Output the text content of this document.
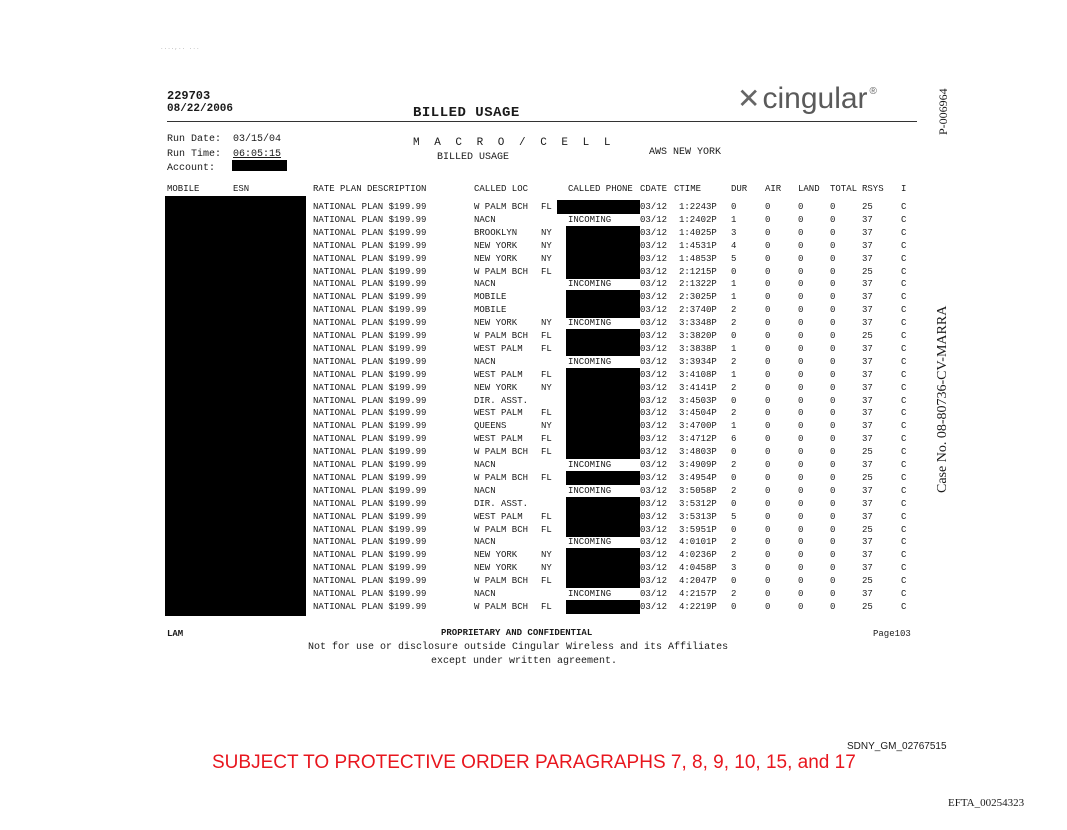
....,.. ...
229703
08/22/2006	BILLED USAGE	✕ cingular ®
Run Date: 03/15/04
Run Time: 06:05:15
Account:
M A C R O / C E L L
BILLED USAGE	AWS NEW YORK
MOBILE	ESN	RATE PLAN DESCRIPTION	CALLED LOC	CALLED PHONE CDATE CTIME	DUR AIR LAND TOTAL RSYS I
NATIONAL PLAN $199.99	W PALM BCH FL	03/12 1:2243P 0	0	0	0	25	C
NATIONAL PLAN $199.99	NACN	INCOMING	03/12 1:2402P 1	0	0	0	37	C
NATIONAL PLAN $199.99	BROOKLYN	NY	03/12 1:4025P 3	0	0	0	37	C
NATIONAL PLAN $199.99	NEW YORK	NY	03/12 1:4531P 4	0	0	0	37	C
NATIONAL PLAN $199.99	NEW YORK	NY	03/12 1:4853P 5	0	0	0	37	C
NATIONAL PLAN $199.99	W PALM BCH FL	03/12 2:1215P 0	0	0	0	25	C
NATIONAL PLAN $199.99	NACN	INCOMING	03/12 2:1322P 1	0	0	0	37	C
NATIONAL PLAN $199.99	MOBILE	03/12 2:3025P 1	0	0	0	37	C
NATIONAL PLAN $199.99	MOBILE	03/12 2:3740P 2	0	0	0	37	C
NATIONAL PLAN $199.99	NEW YORK	NY INCOMING	03/12 3:3348P 2	0	0	0	37	C
NATIONAL PLAN $199.99	W PALM BCH FL	03/12 3:3820P 0	0	0	0	25	C
NATIONAL PLAN $199.99	WEST PALM FL	03/12 3:3838P 1	0	0	0	37	C
NATIONAL PLAN $199.99	NACN	INCOMING	03/12 3:3934P 2	0	0	0	37	C
NATIONAL PLAN $199.99	WEST PALM FL	03/12 3:4108P 1	0	0	0	37	C
NATIONAL PLAN $199.99	NEW YORK	NY	03/12 3:4141P 2	0	0	0	37	C
NATIONAL PLAN $199.99	DIR. ASST.	03/12 3:4503P 0	0	0	0	37	C
NATIONAL PLAN $199.99	WEST PALM FL	03/12 3:4504P 2	0	0	0	37	C
NATIONAL PLAN $199.99	QUEENS	NY	03/12 3:4700P 1	0	0	0	37	C
NATIONAL PLAN $199.99	WEST PALM FL	03/12 3:4712P 6	0	0	0	37	C
NATIONAL PLAN $199.99	W PALM BCH FL	03/12 3:4803P 0	0	0	0	25	C
NATIONAL PLAN $199.99	NACN	INCOMING	03/12 3:4909P 2	0	0	0	37	C
NATIONAL PLAN $199.99	W PALM BCH FL	03/12 3:4954P 0	0	0	0	25	C
NATIONAL PLAN $199.99	NACN	INCOMING	03/12 3:5058P 2	0	0	0	37	C
NATIONAL PLAN $199.99	DIR. ASST.	03/12 3:5312P 0	0	0	0	37	C
NATIONAL PLAN $199.99	WEST PALM FL	03/12 3:5313P 5	0	0	0	37	C
NATIONAL PLAN $199.99	W PALM BCH FL	03/12 3:5951P 0	0	0	0	25	C
NATIONAL PLAN $199.99	NACN	INCOMING	03/12 4:0101P 2	0	0	0	37	C
NATIONAL PLAN $199.99	NEW YORK	NY	03/12 4:0236P 2	0	0	0	37	C
NATIONAL PLAN $199.99	NEW YORK	NY	03/12 4:0458P 3	0	0	0	37	C
NATIONAL PLAN $199.99	W PALM BCH FL	03/12 4:2047P 0	0	0	0	25	C
NATIONAL PLAN $199.99	NACN	INCOMING	03/12 4:2157P 2	0	0	0	37	C
NATIONAL PLAN $199.99	W PALM BCH FL	03/12 4:2219P 0	0	0	0	25	C
LAM	PROPRIETARY AND CONFIDENTIAL	Page103
Not for use or disclosure outside Cingular Wireless and its Affiliates
except under written agreement.
P-006964
Case No. 08-80736-CV-MARRA
SDNY_GM_02767515
SUBJECT TO PROTECTIVE ORDER PARAGRAPHS 7, 8, 9, 10, 15, and 17
EFTA_00254323
